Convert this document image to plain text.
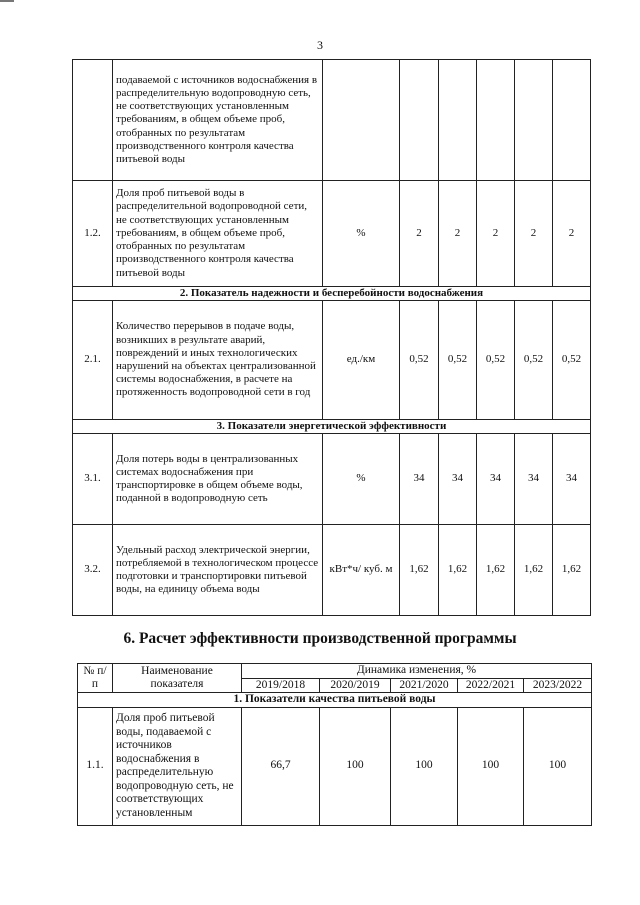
3
	подаваемой с источников водоснабжения в распределительную водопроводную сеть, не соответствующих установленным требованиям, в общем объеме проб, отобранных по результатам производственного контроля качества питьевой воды						
1.2.	Доля проб питьевой воды в распределительной водопроводной сети, не соответствующих установленным требованиям, в общем объеме проб, отобранных по результатам производственного контроля качества питьевой воды	%	2	2	2	2	2
2. Показатель надежности и бесперебойности водоснабжения							
2.1.	Количество перерывов в подаче воды, возникших в результате аварий, повреждений и иных технологических нарушений на объектах централизованной системы водоснабжения, в расчете на протяженность водопроводной сети в год	ед./км	0,52	0,52	0,52	0,52	0,52
3. Показатели энергетической эффективности							
3.1.	Доля потерь воды в централизованных системах водоснабжения при транспортировке в общем объеме воды, поданной в водопроводную сеть	%	34	34	34	34	34
3.2.	Удельный расход электрической энергии, потребляемой в технологическом процессе подготовки и транспортировки питьевой воды, на единицу объема воды	кВт*ч/ куб. м	1,62	1,62	1,62	1,62	1,62
6. Расчет эффективности производственной программы
№ п/п	Наименование показателя	Динамика изменения, %				
		2019/2018	2020/2019	2021/2020	2022/2021	2023/2022
1. Показатели качества питьевой воды						
1.1.	Доля проб питьевой воды, подаваемой с источников водоснабжения в распределительную водопроводную сеть, не соответствующих установленным	66,7	100	100	100	100
